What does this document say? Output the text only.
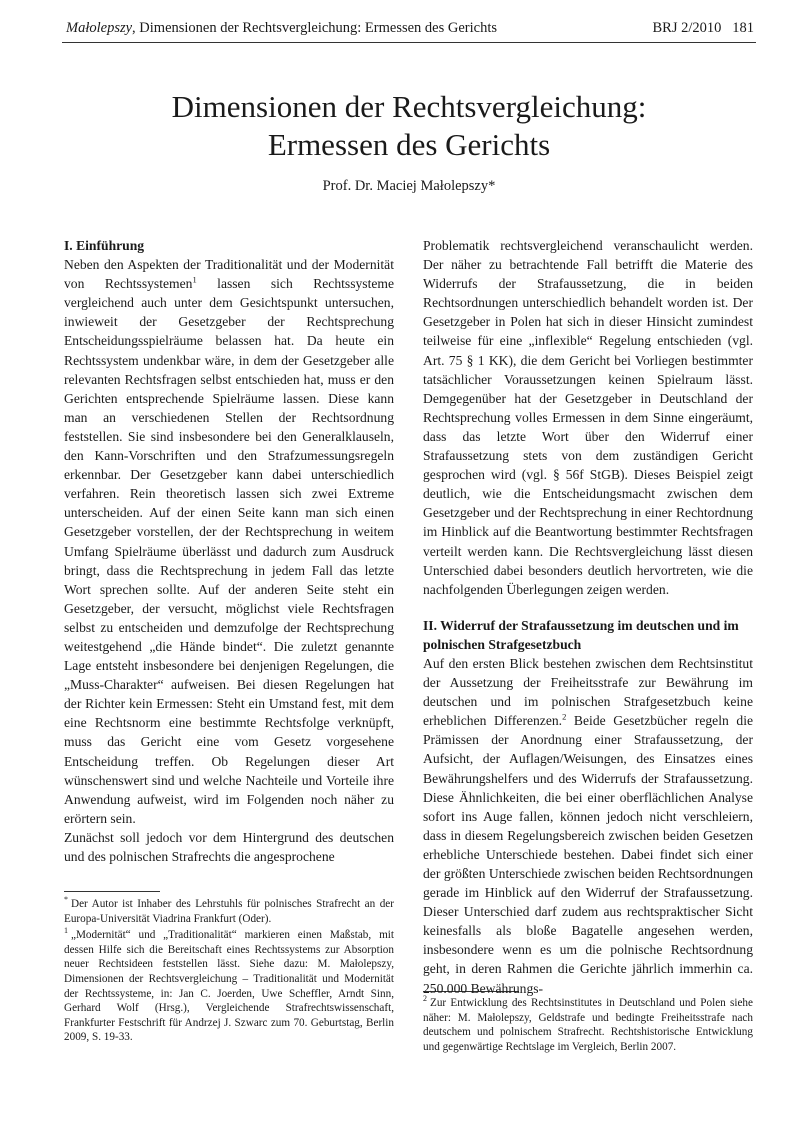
Małolepszy, Dimensionen der Rechtsvergleichung: Ermessen des Gerichts	BRJ 2/2010 181
Dimensionen der Rechtsvergleichung:
Ermessen des Gerichts
Prof. Dr. Maciej Małolepszy*
I. Einführung

Neben den Aspekten der Traditionalität und der Modernität von Rechtssystemen$^1$ lassen sich Rechtssysteme vergleichend auch unter dem Gesichtspunkt untersuchen, inwieweit der Gesetzgeber der Rechtsprechung Entscheidungsspielräume belassen hat. Da heute ein Rechtssystem undenkbar wäre, in dem der Gesetzgeber alle relevanten Rechtsfragen selbst entschieden hat, muss er den Gerichten entsprechende Spielräume lassen. Diese kann man an verschiedenen Stellen der Rechtsordnung feststellen. Sie sind insbesondere bei den Generalklauseln, den Kann-Vorschriften und den Strafzumessungsregeln erkennbar. Der Gesetzgeber kann dabei unterschiedlich verfahren. Rein theoretisch lassen sich zwei Extreme unterscheiden. Auf der einen Seite kann man sich einen Gesetzgeber vorstellen, der der Rechtsprechung in weitem Umfang Spielräume überlässt und dadurch zum Ausdruck bringt, dass die Rechtsprechung in jedem Fall das letzte Wort sprechen sollte. Auf der anderen Seite steht ein Gesetzgeber, der versucht, möglichst viele Rechtsfragen selbst zu entscheiden und demzufolge der Rechtsprechung weitestgehend „die Hände bindet“. Die zuletzt genannte Lage entsteht insbesondere bei denjenigen Regelungen, die „Muss-Charakter“ aufweisen. Bei diesen Regelungen hat der Richter kein Ermessen: Steht ein Umstand fest, mit dem eine Rechtsnorm eine bestimmte Rechtsfolge verknüpft, muss das Gericht eine vom Gesetz vorgesehene Entscheidung treffen. Ob Regelungen dieser Art wünschenswert sind und welche Nachteile und Vorteile ihre Anwendung aufweist, wird im Folgenden noch näher zu erörtern sein.

Zunächst soll jedoch vor dem Hintergrund des deutschen und des polnischen Strafrechts die angesprochene

* Der Autor ist Inhaber des Lehrstuhls für polnisches Strafrecht an der Europa-Universität Viadrina Frankfurt (Oder).

$^1$ „Modernität“ und „Traditionalität“ markieren einen Maßstab, mit dessen Hilfe sich die Bereitschaft eines Rechtssystems zur Absorption neuer Rechtsideen feststellen lässt. Siehe dazu: M. Małolepszy, Dimensionen der Rechtsvergleichung – Traditionalität und Modernität der Rechtssysteme, in: Jan C. Joerden, Uwe Scheffler, Arndt Sinn, Gerhard Wolf (Hrsg.), Vergleichende Strafrechtswissenschaft, Frankfurter Festschrift für Andrzej J. Szwarc zum 70. Geburtstag, Berlin 2009, S. 19-33.

$^2$ Zur Entwicklung des Rechtsinstitutes in Deutschland und Polen siehe näher: M. Małolepszy, Geldstrafe und bedingte Freiheitsstrafe nach deutschem und polnischem Strafrecht. Rechtshistorische Entwicklung und gegenwärtige Rechtslage im Vergleich, Berlin 2007.

Problematik rechtsvergleichend veranschaulicht werden. Der näher zu betrachtende Fall betrifft die Materie des Widerrufs der Strafaussetzung, die in beiden Rechtsordnungen unterschiedlich behandelt worden ist. Der Gesetzgeber in Polen hat sich in dieser Hinsicht zumindest teilweise für eine „inflexible“ Regelung entschieden (vgl. Art. 75 § 1 KK), die dem Gericht bei Vorliegen bestimmter tatsächlicher Voraussetzungen keinen Spielraum lässt. Demgegenüber hat der Gesetzgeber in Deutschland der Rechtsprechung volles Ermessen in dem Sinne eingeräumt, dass das letzte Wort über den Widerruf einer Strafaussetzung stets von dem zuständigen Gericht gesprochen wird (vgl. § 56f StGB). Dieses Beispiel zeigt deutlich, wie die Entscheidungsmacht zwischen dem Gesetzgeber und der Rechtsprechung in einer Rechtordnung im Hinblick auf die Beantwortung bestimmter Rechtsfragen verteilt werden kann. Die Rechtsvergleichung lässt diesen Unterschied dabei besonders deutlich hervortreten, wie die nachfolgenden Überlegungen zeigen werden.

II. Widerruf der Strafaussetzung im deutschen und im polnischen Strafgesetzbuch

Auf den ersten Blick bestehen zwischen dem Rechtsinstitut der Aussetzung der Freiheitsstrafe zur Bewährung im deutschen und im polnischen Strafgesetzbuch keine erheblichen Differenzen.$^2$ Beide Gesetzbücher regeln die Prämissen der Anordnung einer Strafaussetzung, der Aufsicht, der Auflagen/Weisungen, des Einsatzes eines Bewährungshelfers und des Widerrufs der Strafaussetzung. Diese Ähnlichkeiten, die bei einer oberflächlichen Analyse sofort ins Auge fallen, können jedoch nicht verschleiern, dass in diesem Regelungsbereich zwischen beiden Gesetzen erhebliche Unterschiede bestehen. Dabei findet sich einer der größten Unterschiede zwischen beiden Rechtsordnungen gerade im Hinblick auf den Widerruf der Strafaussetzung. Dieser Unterschied darf zudem aus rechtspraktischer Sicht keinesfalls als bloße Bagatelle angesehen werden, insbesondere wenn es um die polnische Rechtsordnung geht, in deren Rahmen die Gerichte jährlich immerhin ca. 250.000 Bewährungs-
